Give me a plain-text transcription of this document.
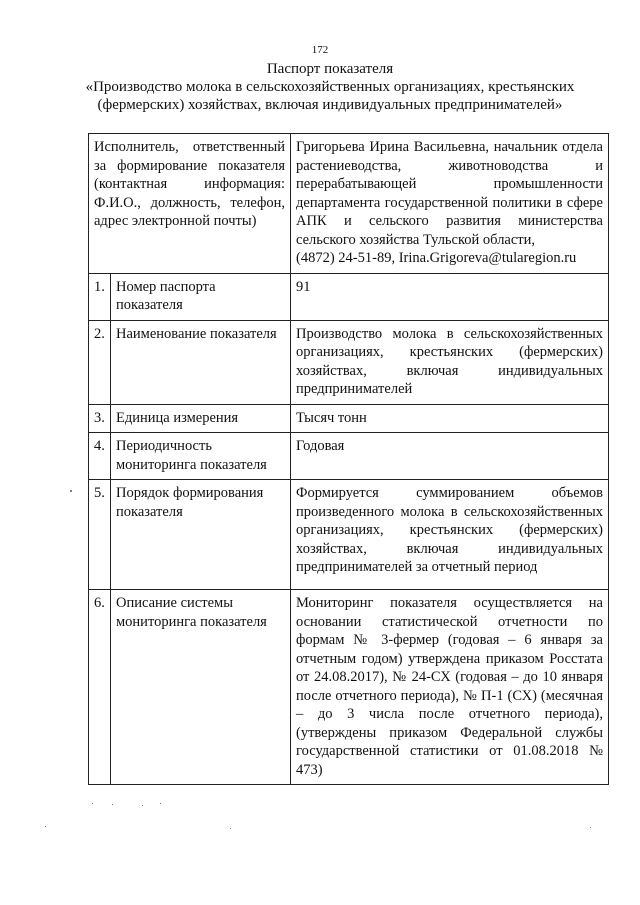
172
Паспорт показателя
«Производство молока в сельскохозяйственных организациях, крестьянских
(фермерских) хозяйствах, включая индивидуальных предпринимателей»
Исполнитель, ответственный за формирование показателя (контактная информация: Ф.И.О., должность, телефон, адрес электронной почты)		Григорьева Ирина Васильевна, начальник отдела растениеводства, животноводства и перерабатывающей промышленности департамента государственной политики в сфере АПК и сельского развития министерства сельского хозяйства Тульской области,
(4872) 24-51-89, Irina.Grigoreva@tularegion.ru
1.	Номер паспорта показателя	91
2.	Наименование показателя	Производство молока в сельскохозяйственных организациях, крестьянских (фермерских) хозяйствах, включая индивидуальных предпринимателей
3.	Единица измерения	Тысяч тонн
4.	Периодичность мониторинга показателя	Годовая
5.	Порядок формирования показателя	Формируется суммированием объемов произведенного молока в сельскохозяйственных организациях, крестьянских (фермерских) хозяйствах, включая индивидуальных предпринимателей за отчетный период
6.	Описание системы мониторинга показателя	Мониторинг показателя осуществляется на основании статистической отчетности по формам № 3-фермер (годовая – 6 января за отчетным годом) утверждена приказом Росстата от 24.08.2017), № 24-СХ (годовая – до 10 января после отчетного периода), № П-1 (СХ) (месячная – до 3 числа после отчетного периода), (утверждены приказом Федеральной службы государственной статистики от 01.08.2018 № 473)
